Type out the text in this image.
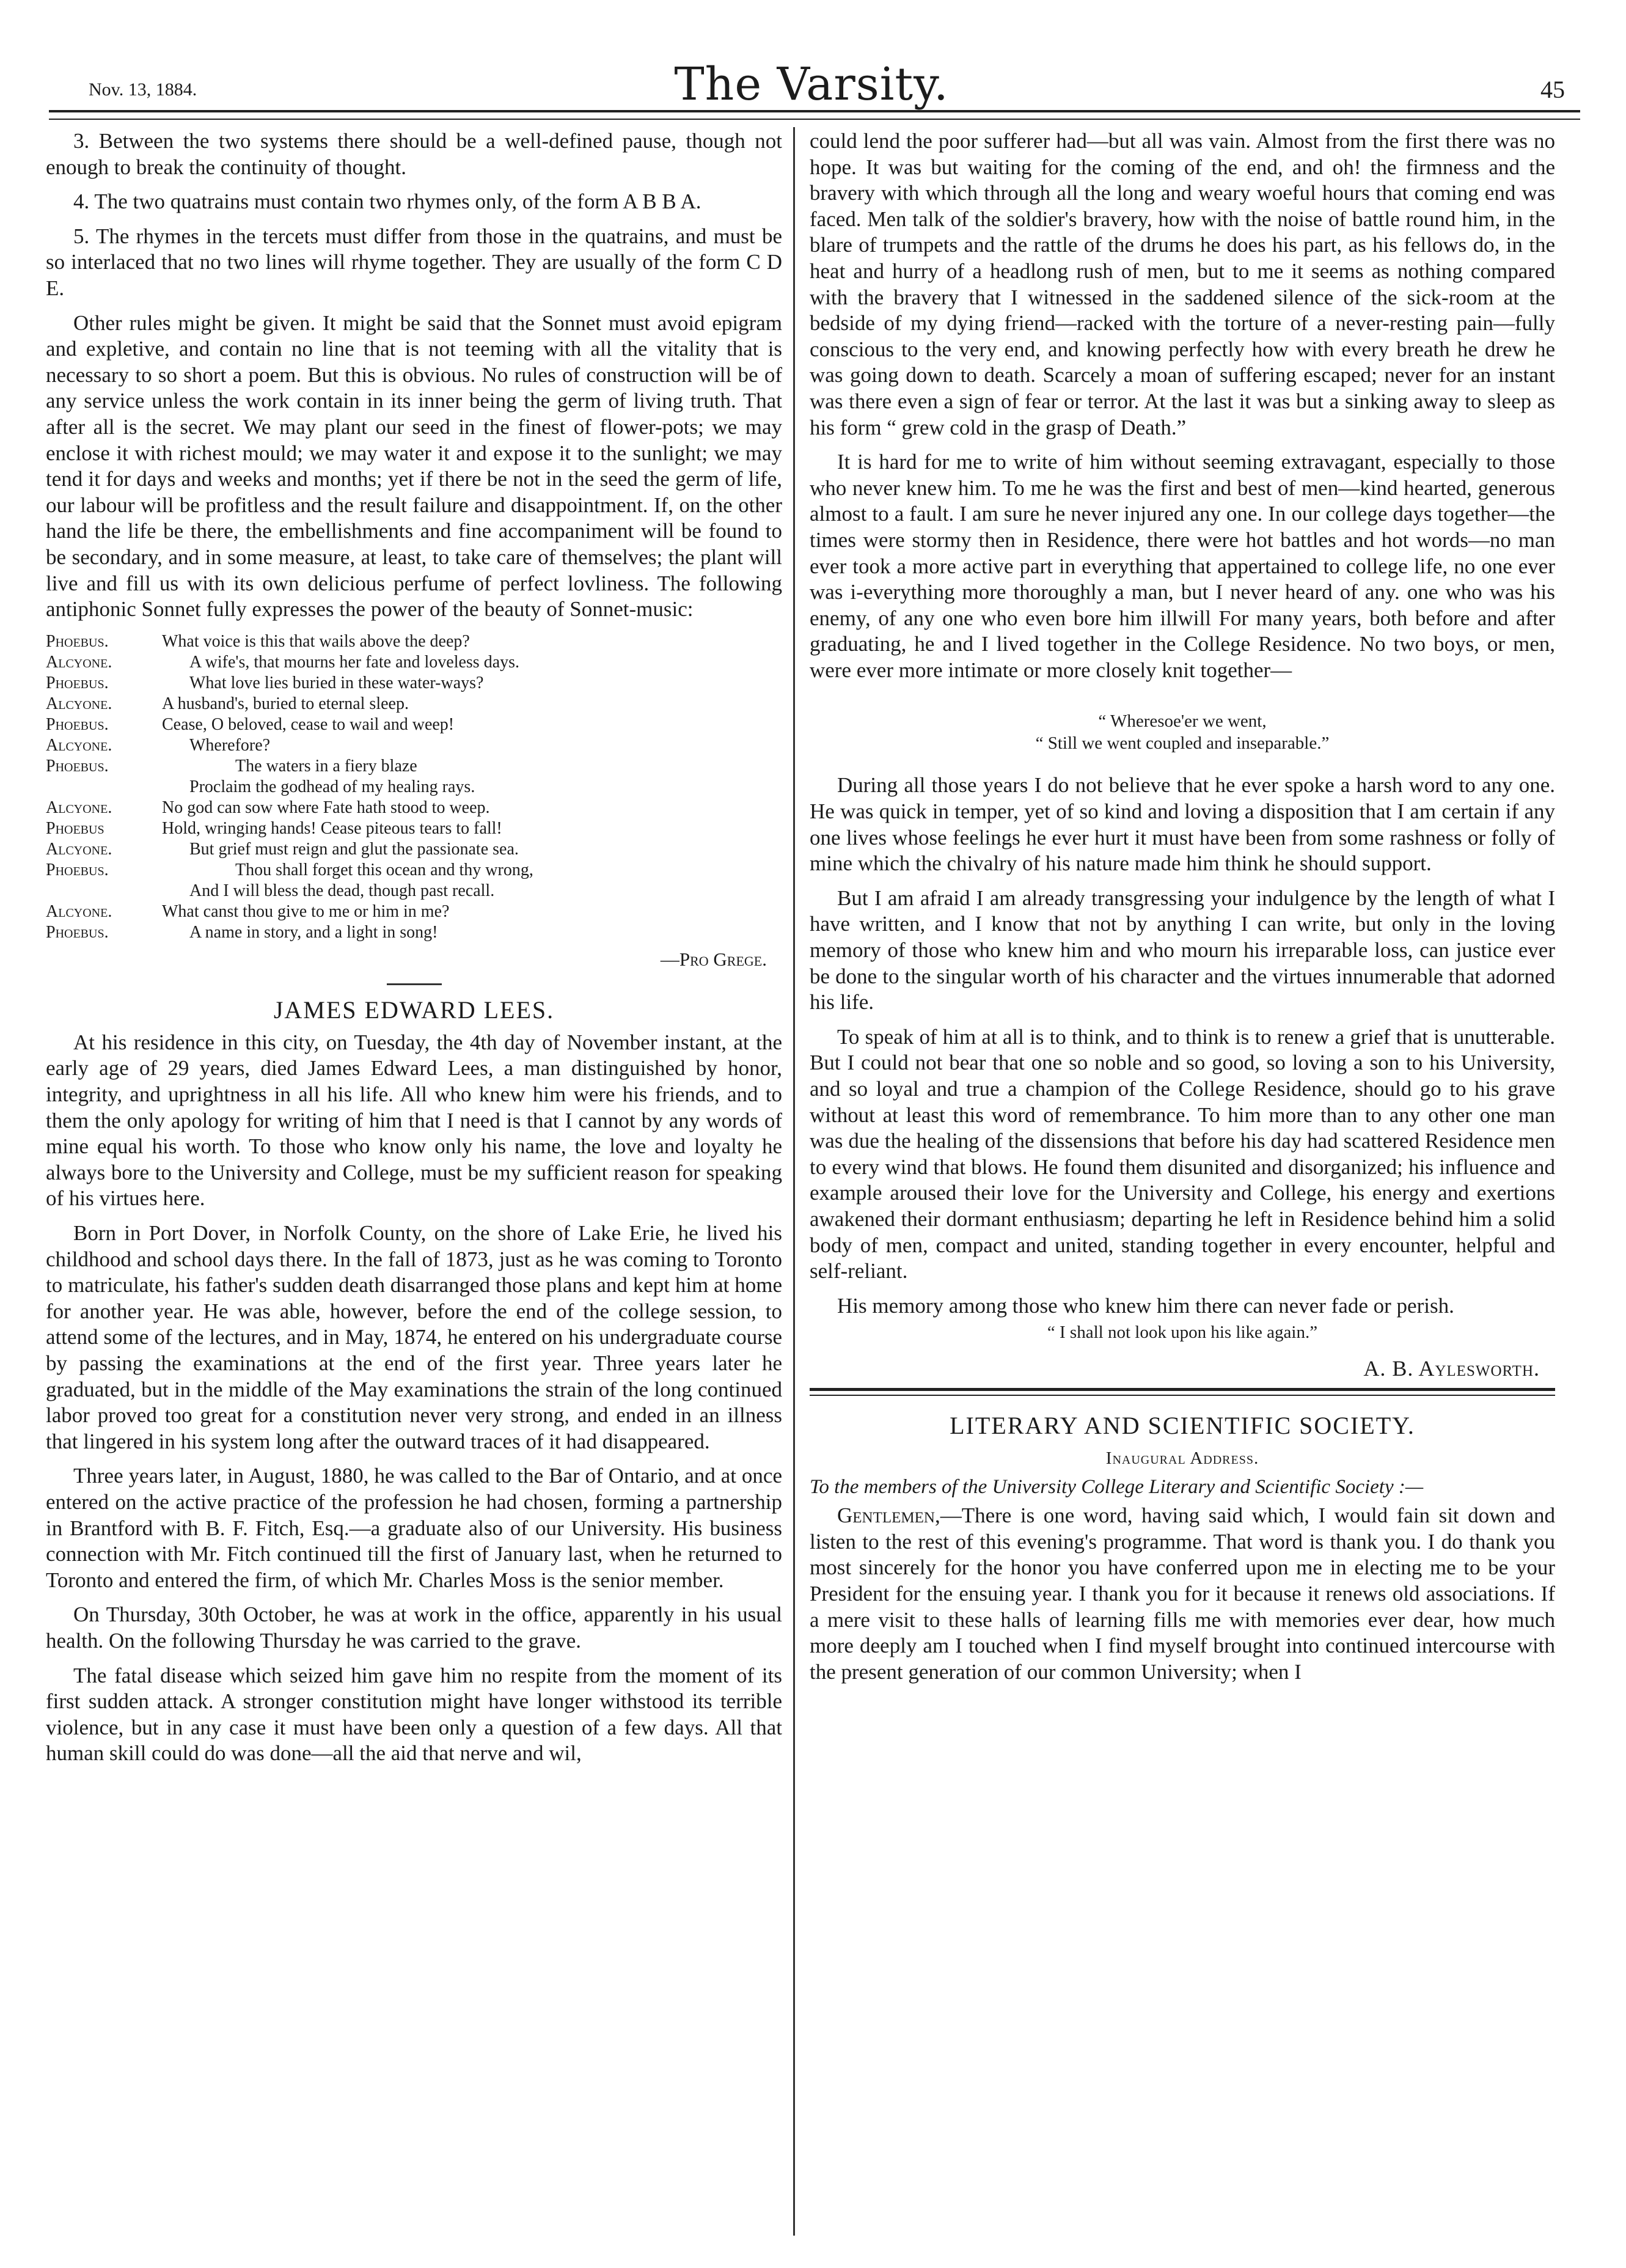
Nov. 13, 1884.	The Varsity.	45

3. Between the two systems there should be a well-defined pause, though not enough to break the continuity of thought.

4. The two quatrains must contain two rhymes only, of the form A B B A.

5. The rhymes in the tercets must differ from those in the quatrains, and must be so interlaced that no two lines will rhyme together. They are usually of the form C D E.

Other rules might be given. It might be said that the Sonnet must avoid epigram and expletive, and contain no line that is not teeming with all the vitality that is necessary to so short a poem. But this is obvious. No rules of construction will be of any service unless the work contain in its inner being the germ of living truth. That after all is the secret. We may plant our seed in the finest of flower-pots; we may enclose it with richest mould; we may water it and expose it to the sunlight; we may tend it for days and weeks and months; yet if there be not in the seed the germ of life, our labour will be profitless and the result failure and disappointment. If, on the other hand the life be there, the embellishments and fine accompaniment will be found to be secondary, and in some measure, at least, to take care of themselves; the plant will live and fill us with its own delicious perfume of perfect lovliness. The following antiphonic Sonnet fully expresses the power of the beauty of Sonnet-music:

Phoebus.	What voice is this that wails above the deep?
Alcyone.	A wife's, that mourns her fate and loveless days.
Phoebus.	What love lies buried in these water-ways?
Alcyone.	A husband's, buried to eternal sleep.
Phoebus.	Cease, O beloved, cease to wail and weep!
Alcyone.	Wherefore?
Phoebus.	The waters in a fiery blaze
Proclaim the godhead of my healing rays.
Alcyone.	No god can sow where Fate hath stood to weep.
Phoebus	Hold, wringing hands! Cease piteous tears to fall!
Alcyone.	But grief must reign and glut the passionate sea.
Phoebus.	Thou shall forget this ocean and thy wrong,
And I will bless the dead, though past recall.
Alcyone.	What canst thou give to me or him in me?
Phoebus.	A name in story, and a light in song!
—Pro Grege.
JAMES EDWARD LEES.

At his residence in this city, on Tuesday, the 4th day of November instant, at the early age of 29 years, died James Edward Lees, a man distinguished by honor, integrity, and uprightness in all his life. All who knew him were his friends, and to them the only apology for writing of him that I need is that I cannot by any words of mine equal his worth. To those who know only his name, the love and loyalty he always bore to the University and College, must be my sufficient reason for speaking of his virtues here.

Born in Port Dover, in Norfolk County, on the shore of Lake Erie, he lived his childhood and school days there. In the fall of 1873, just as he was coming to Toronto to matriculate, his father's sudden death disarranged those plans and kept him at home for another year. He was able, however, before the end of the college session, to attend some of the lectures, and in May, 1874, he entered on his undergraduate course by passing the examinations at the end of the first year. Three years later he graduated, but in the middle of the May examinations the strain of the long continued labor proved too great for a constitution never very strong, and ended in an illness that lingered in his system long after the outward traces of it had disappeared.

Three years later, in August, 1880, he was called to the Bar of Ontario, and at once entered on the active practice of the profession he had chosen, forming a partnership in Brantford with B. F. Fitch, Esq.—a graduate also of our University. His business connection with Mr. Fitch continued till the first of January last, when he returned to Toronto and entered the firm, of which Mr. Charles Moss is the senior member.

On Thursday, 30th October, he was at work in the office, apparently in his usual health. On the following Thursday he was carried to the grave.

The fatal disease which seized him gave him no respite from the moment of its first sudden attack. A stronger constitution might have longer withstood its terrible violence, but in any case it must have been only a question of a few days. All that human skill could do was done—all the aid that nerve and wil,

could lend the poor sufferer had—but all was vain. Almost from the first there was no hope. It was but waiting for the coming of the end, and oh! the firmness and the bravery with which through all the long and weary woeful hours that coming end was faced. Men talk of the soldier's bravery, how with the noise of battle round him, in the blare of trumpets and the rattle of the drums he does his part, as his fellows do, in the heat and hurry of a headlong rush of men, but to me it seems as nothing compared with the bravery that I witnessed in the saddened silence of the sick-room at the bedside of my dying friend—racked with the torture of a never-resting pain—fully conscious to the very end, and knowing perfectly how with every breath he drew he was going down to death. Scarcely a moan of suffering escaped; never for an instant was there even a sign of fear or terror. At the last it was but a sinking away to sleep as his form “ grew cold in the grasp of Death.”

It is hard for me to write of him without seeming extravagant, especially to those who never knew him. To me he was the first and best of men—kind hearted, generous almost to a fault. I am sure he never injured any one. In our college days together—the times were stormy then in Residence, there were hot battles and hot words—no man ever took a more active part in everything that appertained to college life, no one ever was i-everything more thoroughly a man, but I never heard of any. one who was his enemy, of any one who even bore him illwill For many years, both before and after graduating, he and I lived together in the College Residence. No two boys, or men, were ever more intimate or more closely knit together—

“ Wheresoe'er we went,
“ Still we went coupled and inseparable.”

During all those years I do not believe that he ever spoke a harsh word to any one. He was quick in temper, yet of so kind and loving a disposition that I am certain if any one lives whose feelings he ever hurt it must have been from some rashness or folly of mine which the chivalry of his nature made him think he should support.

But I am afraid I am already transgressing your indulgence by the length of what I have written, and I know that not by anything I can write, but only in the loving memory of those who knew him and who mourn his irreparable loss, can justice ever be done to the singular worth of his character and the virtues innumerable that adorned his life.

To speak of him at all is to think, and to think is to renew a grief that is unutterable. But I could not bear that one so noble and so good, so loving a son to his University, and so loyal and true a champion of the College Residence, should go to his grave without at least this word of remembrance. To him more than to any other one man was due the healing of the dissensions that before his day had scattered Residence men to every wind that blows. He found them disunited and disorganized; his influence and example aroused their love for the University and College, his energy and exertions awakened their dormant enthusiasm; departing he left in Residence behind him a solid body of men, compact and united, standing together in every encounter, helpful and self-reliant.

His memory among those who knew him there can never fade or perish.

“ I shall not look upon his like again.”
A. B. Aylesworth.
LITERARY AND SCIENTIFIC SOCIETY.
Inaugural Address.

To the members of the University College Literary and Scientific Society :—

Gentlemen,—There is one word, having said which, I would fain sit down and listen to the rest of this evening's programme. That word is thank you. I do thank you most sincerely for the honor you have conferred upon me in electing me to be your President for the ensuing year. I thank you for it because it renews old associations. If a mere visit to these halls of learning fills me with memories ever dear, how much more deeply am I touched when I find myself brought into continued intercourse with the present generation of our common University; when I
